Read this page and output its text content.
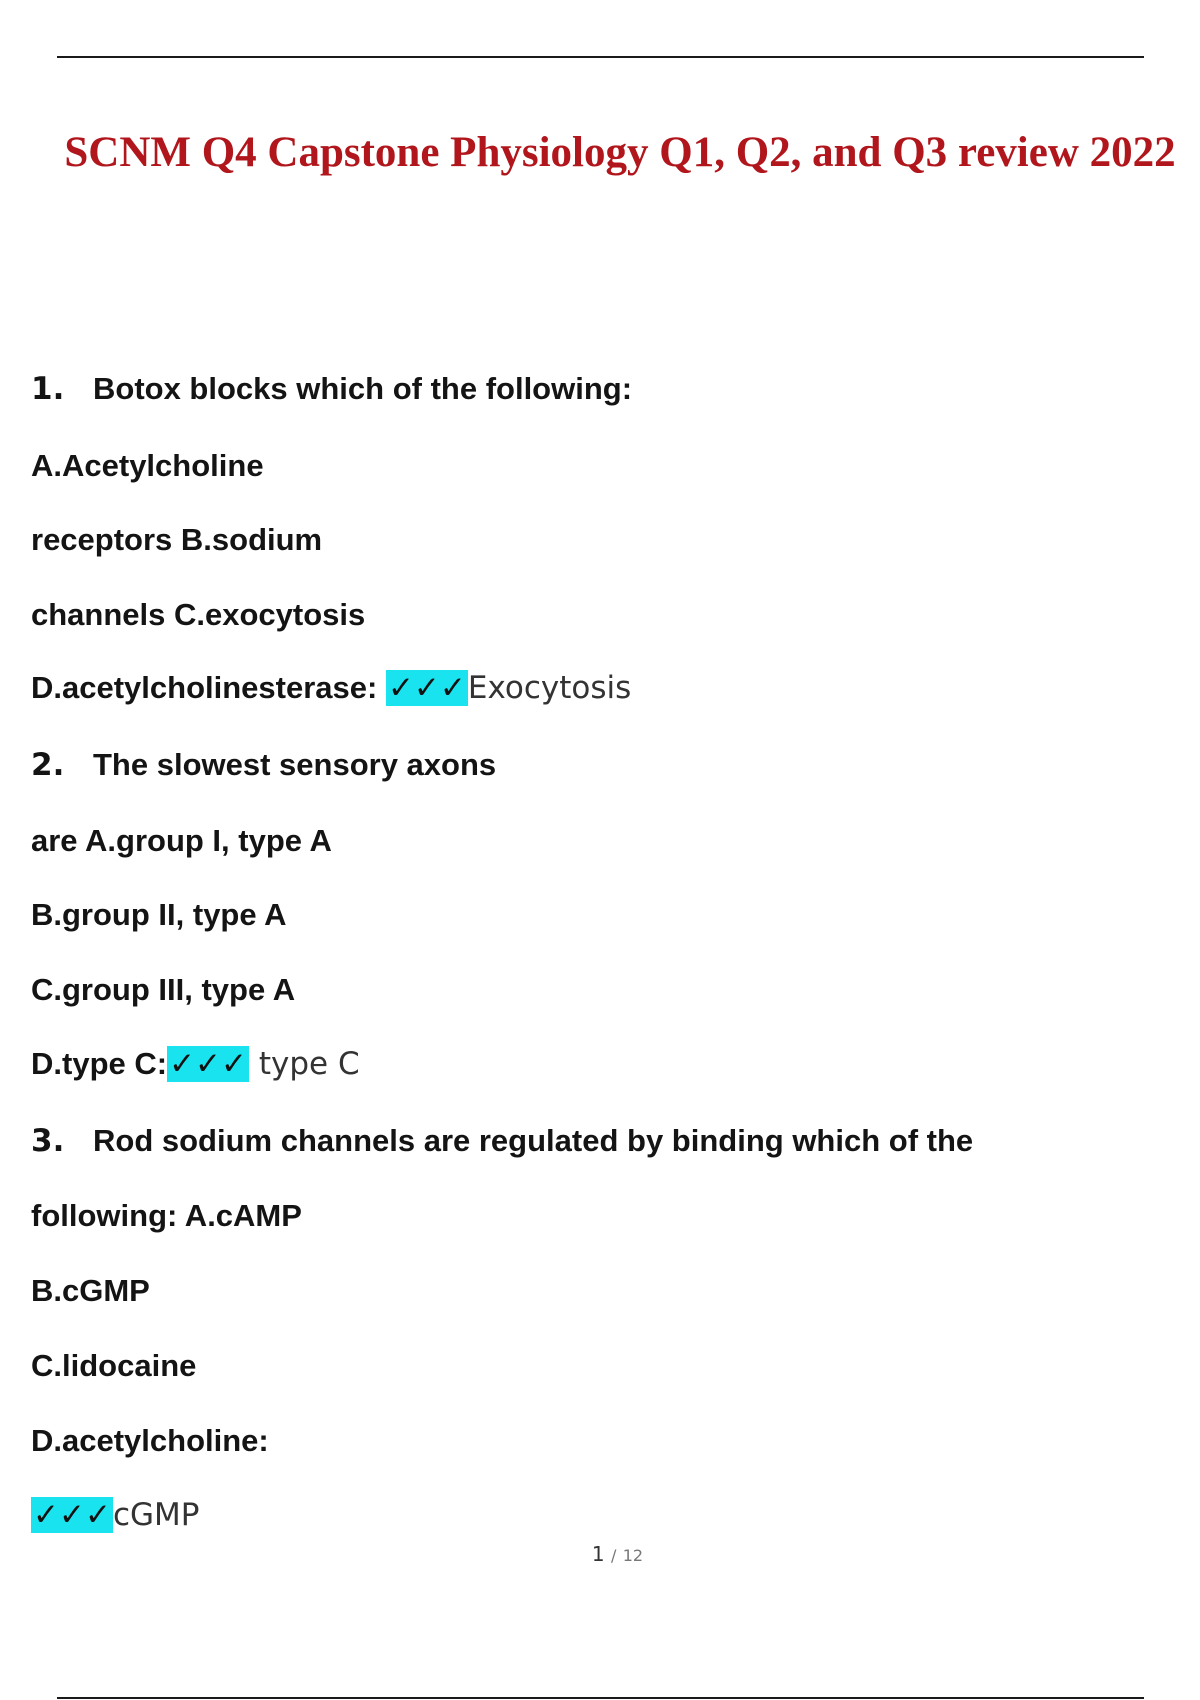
SCNM Q4 Capstone Physiology Q1, Q2, and Q3 review 2022
1. Botox blocks which of the following:
A.Acetylcholine
receptors B.sodium
channels C.exocytosis
D.acetylcholinesterase: ✓✓✓Exocytosis
2. The slowest sensory axons
are A.group I, type A
B.group II, type A
C.group III, type A
D.type C:✓✓✓ type C
3. Rod sodium channels are regulated by binding which of the
following: A.cAMP
B.cGMP
C.lidocaine
D.acetylcholine:
✓✓✓cGMP
1 / 12
